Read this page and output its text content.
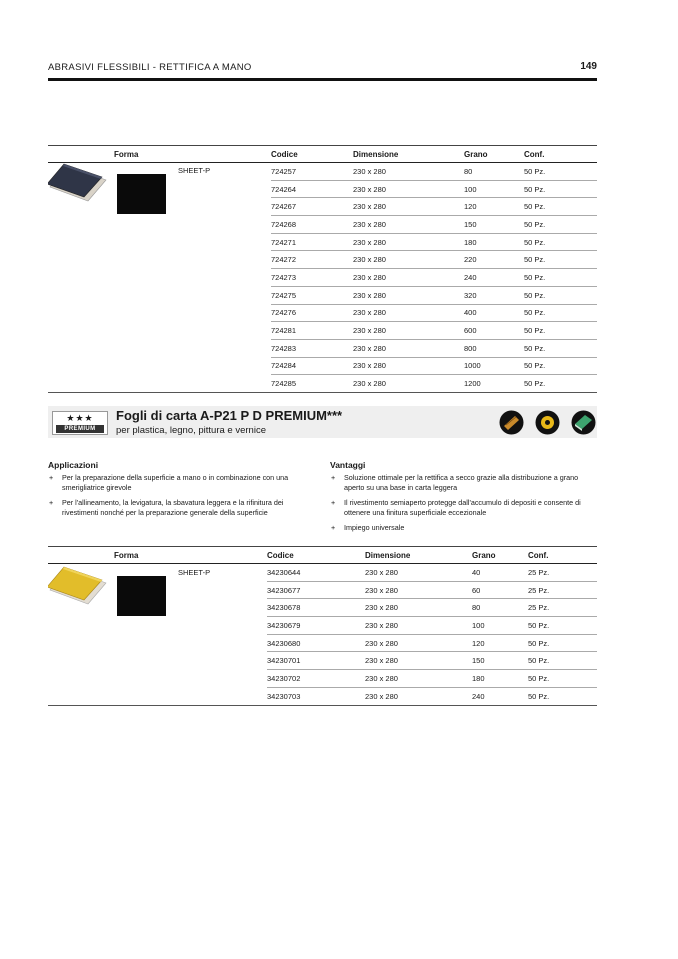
ABRASIVI FLESSIBILI - RETTIFICA A MANO	149
SHEET-P
Forma	Codice	Dimensione	Grano	Conf.
	724257	230 x 280	80	50 Pz.
	724264	230 x 280	100	50 Pz.
	724267	230 x 280	120	50 Pz.
	724268	230 x 280	150	50 Pz.
	724271	230 x 280	180	50 Pz.
	724272	230 x 280	220	50 Pz.
	724273	230 x 280	240	50 Pz.
	724275	230 x 280	320	50 Pz.
	724276	230 x 280	400	50 Pz.
	724281	230 x 280	600	50 Pz.
	724283	230 x 280	800	50 Pz.
	724284	230 x 280	1000	50 Pz.
	724285	230 x 280	1200	50 Pz.
★★★
PREMIUM
Fogli di carta A-P21 P D PREMIUM***
per plastica, legno, pittura e vernice
Applicazioni
+ Per la preparazione della superficie a mano o in combinazione con una smerigliatrice girevole
+ Per l'allineamento, la levigatura, la sbavatura leggera e la rifinitura dei rivestimenti nonché per la preparazione generale della superficie
Vantaggi
+ Soluzione ottimale per la rettifica a secco grazie alla distribuzione a grano aperto su una base in carta leggera
+ Il rivestimento semiaperto protegge dall'accumulo di depositi e consente di ottenere una finitura superficiale eccezionale
+ Impiego universale
SHEET-P
Forma	Codice	Dimensione	Grano	Conf.
	34230644	230 x 280	40	25 Pz.
	34230677	230 x 280	60	25 Pz.
	34230678	230 x 280	80	25 Pz.
	34230679	230 x 280	100	50 Pz.
	34230680	230 x 280	120	50 Pz.
	34230701	230 x 280	150	50 Pz.
	34230702	230 x 280	180	50 Pz.
	34230703	230 x 280	240	50 Pz.
